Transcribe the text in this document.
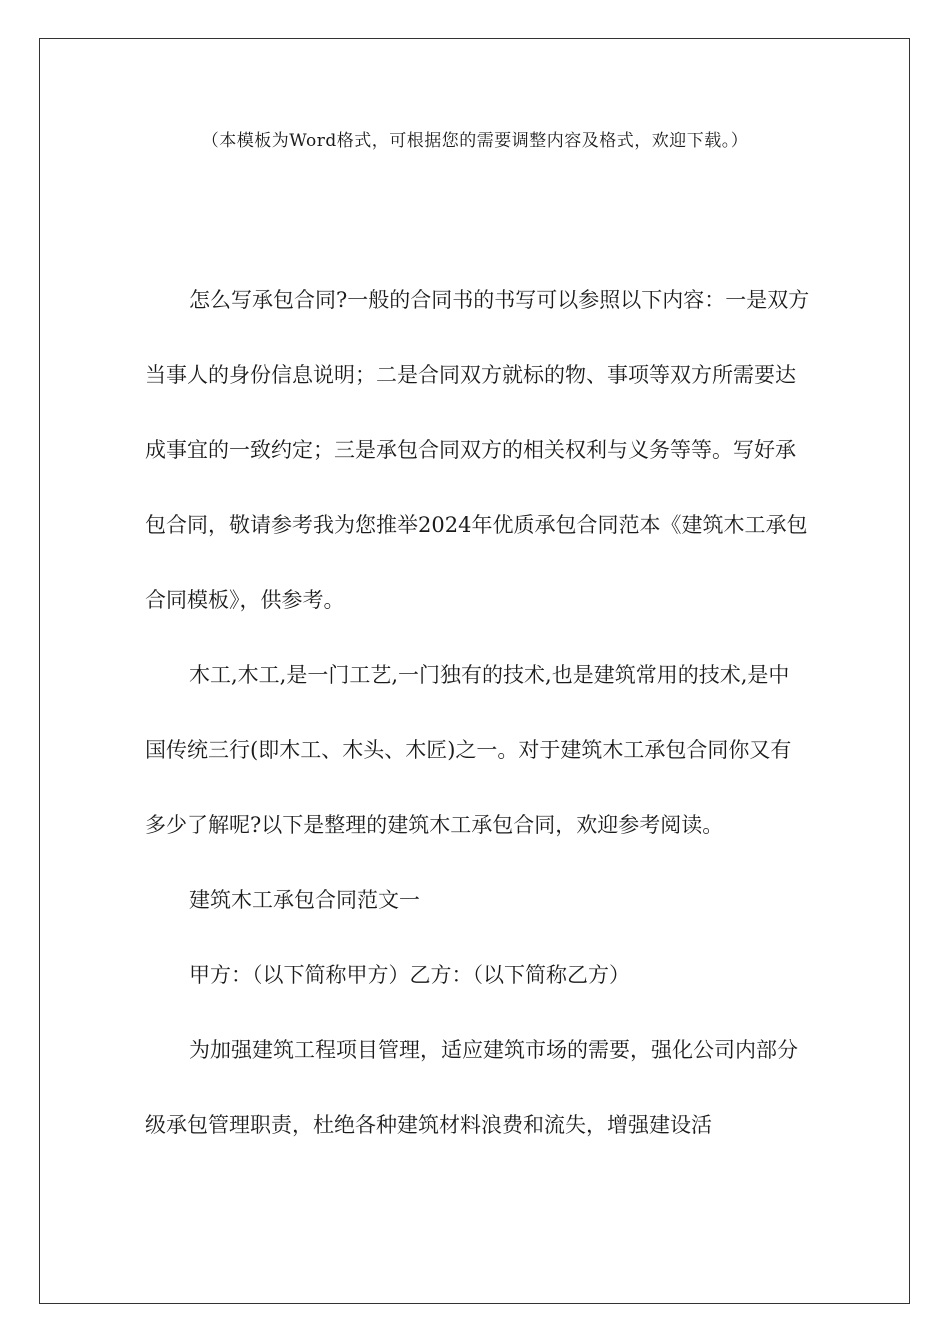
（本模板为Word格式，可根据您的需要调整内容及格式，欢迎下载。）

怎么写承包合同?一般的合同书的书写可以参照以下内容：一是双方当事人的身份信息说明；二是合同双方就标的物、事项等双方所需要达成事宜的一致约定；三是承包合同双方的相关权利与义务等等。写好承包合同，敬请参考我为您推举2024年优质承包合同范本《建筑木工承包合同模板》，供参考。

木工,木工,是一门工艺,一门独有的技术,也是建筑常用的技术,是中国传统三行(即木工、木头、木匠)之一。对于建筑木工承包合同你又有多少了解呢?以下是整理的建筑木工承包合同，欢迎参考阅读。

建筑木工承包合同范文一

甲方：（以下简称甲方）乙方：（以下简称乙方）

为加强建筑工程项目管理，适应建筑市场的需要，强化公司内部分级承包管理职责，杜绝各种建筑材料浪费和流失，增强建设活
